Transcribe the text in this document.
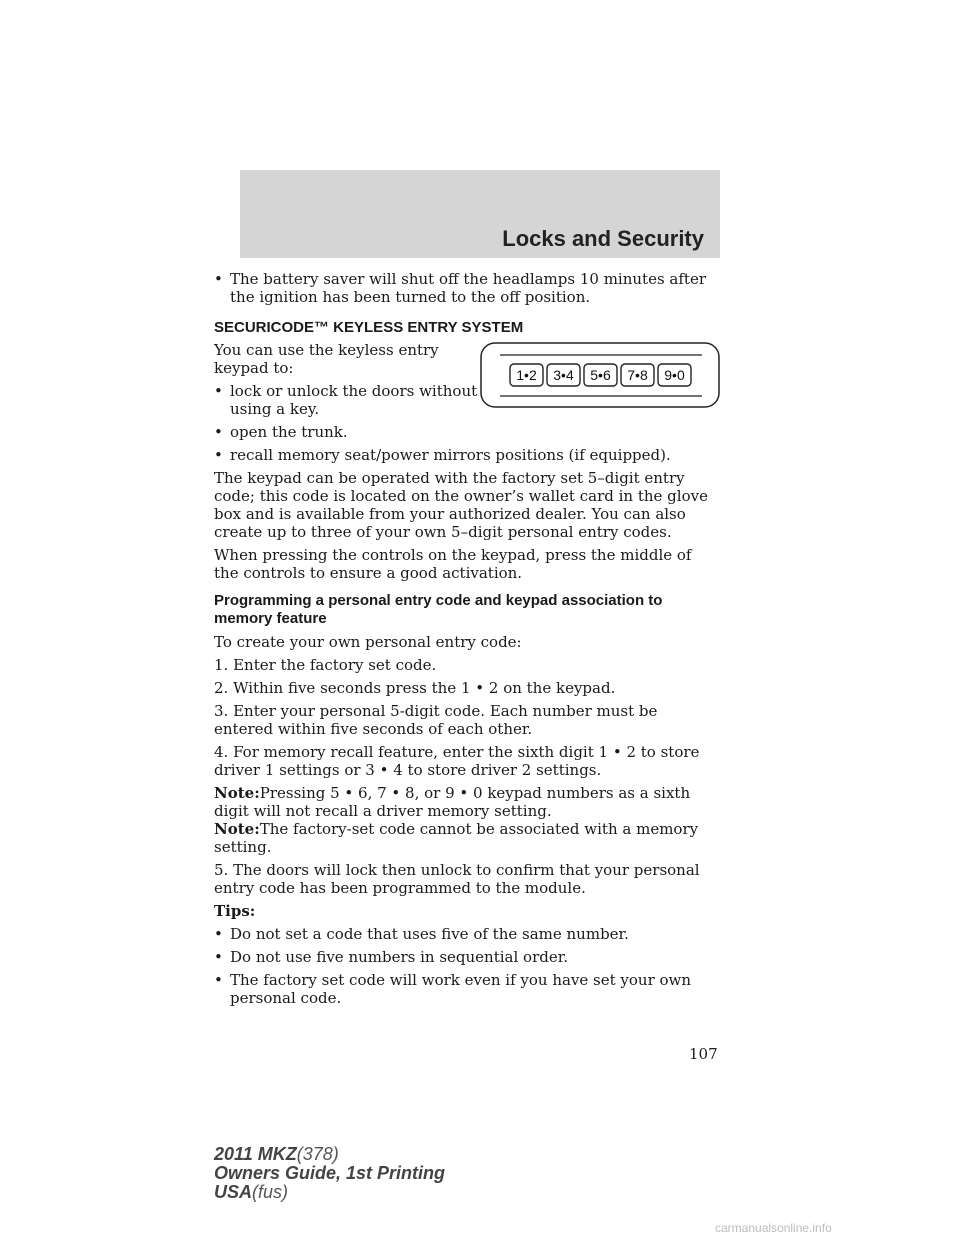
Locks and Security
1•2 3•4 5•6 7•8 9•0

• The battery saver will shut off the headlamps 10 minutes after the ignition has been turned to the off position.

SECURICODE™ KEYLESS ENTRY SYSTEM

You can use the keyless entry keypad to:

• lock or unlock the doors without using a key.

• open the trunk.

• recall memory seat/power mirrors positions (if equipped).

The keypad can be operated with the factory set 5–digit entry code; this code is located on the owner’s wallet card in the glove box and is available from your authorized dealer. You can also create up to three of your own 5–digit personal entry codes.

When pressing the controls on the keypad, press the middle of the controls to ensure a good activation.

Programming a personal entry code and keypad association to memory feature

To create your own personal entry code:

1. Enter the factory set code.

2. Within five seconds press the 1 • 2 on the keypad.

3. Enter your personal 5-digit code. Each number must be entered within five seconds of each other.

4. For memory recall feature, enter the sixth digit 1 • 2 to store driver 1 settings or 3 • 4 to store driver 2 settings.

Note:Pressing 5 • 6, 7 • 8, or 9 • 0 keypad numbers as a sixth digit will not recall a driver memory setting.

Note:The factory-set code cannot be associated with a memory setting.

5. The doors will lock then unlock to confirm that your personal entry code has been programmed to the module.

Tips:

• Do not set a code that uses five of the same number.

• Do not use five numbers in sequential order.

• The factory set code will work even if you have set your own personal code.

107
2011 MKZ(378)
Owners Guide, 1st Printing
USA(fus)
carmanualsonline.info
